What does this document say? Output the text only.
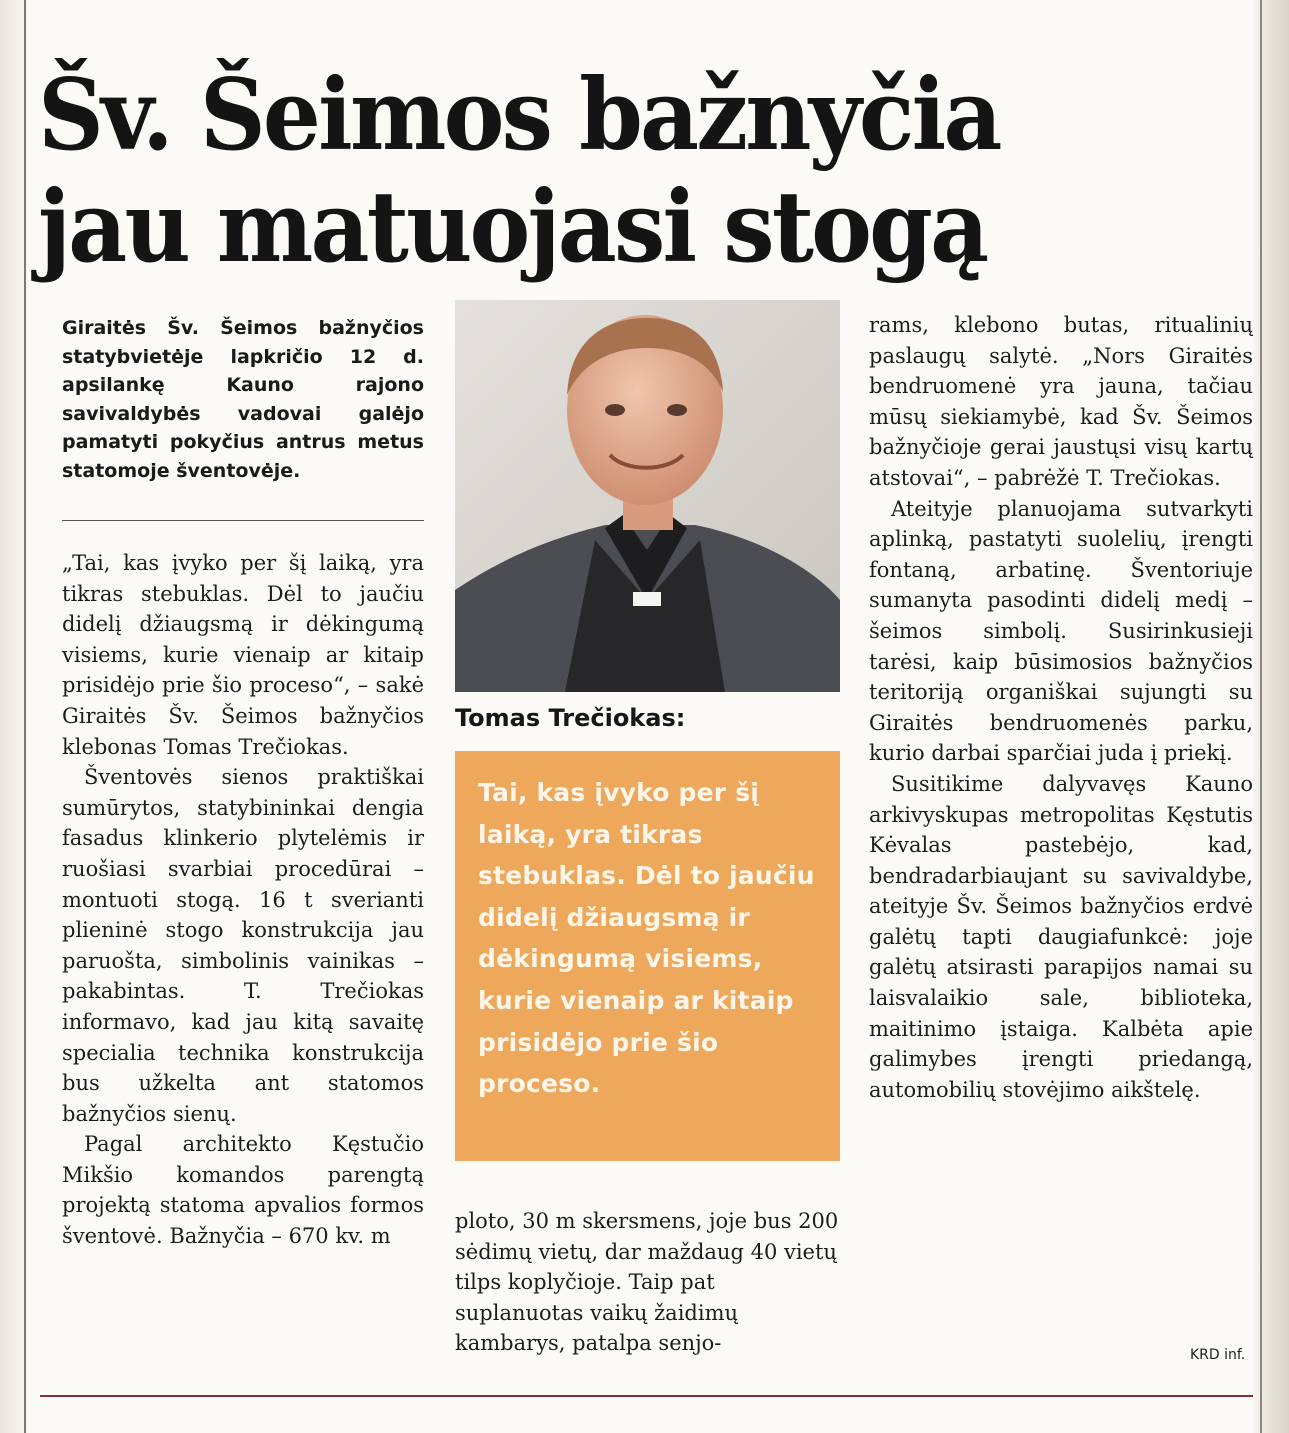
Šv. Šeimos bažnyčia
jau matuojasi stogą
Giraitės Šv. Šeimos bažnyčios statybvietėje lapkričio 12 d. apsilankę Kauno rajono savivaldybės vadovai galėjo pamatyti pokyčius antrus metus statomoje šventovėje.

„Tai, kas įvyko per šį laiką, yra tikras stebuklas. Dėl to jaučiu didelį džiaugsmą ir dėkingumą visiems, kurie vienaip ar kitaip prisidėjo prie šio proceso“, – sakė Giraitės Šv. Šeimos bažnyčios klebonas Tomas Trečiokas.

Šventovės sienos praktiškai sumūrytos, statybininkai dengia fasadus klinkerio plytelėmis ir ruošiasi svarbiai procedūrai – montuoti stogą. 16 t sverianti plieninė stogo konstrukcija jau paruošta, simbolinis vainikas – pakabintas. T. Trečiokas informavo, kad jau kitą savaitę specialia technika konstrukcija bus užkelta ant statomos bažnyčios sienų.

Pagal architekto Kęstučio Mikšio komandos parengtą projektą statoma apvalios formos šventovė. Bažnyčia – 670 kv. m

Tomas Trečiokas:
Tai, kas įvyko per šį laiką, yra tikras stebuklas. Dėl to jaučiu didelį džiaugsmą ir dėkingumą visiems, kurie vienaip ar kitaip prisidėjo prie šio proceso.

ploto, 30 m skersmens, joje bus 200 sėdimų vietų, dar maždaug 40 vietų tilps koplyčioje. Taip pat suplanuotas vaikų žaidimų kambarys, patalpa senjo-

rams, klebono butas, ritualinių paslaugų salytė. „Nors Giraitės bendruomenė yra jauna, tačiau mūsų siekiamybė, kad Šv. Šeimos bažnyčioje gerai jaustųsi visų kartų atstovai“, – pabrėžė T. Trečiokas.

Ateityje planuojama sutvarkyti aplinką, pastatyti suolelių, įrengti fontaną, arbatinę. Šventoriuje sumanyta pasodinti didelį medį – šeimos simbolį. Susirinkusieji tarėsi, kaip būsimosios bažnyčios teritoriją organiškai sujungti su Giraitės bendruomenės parku, kurio darbai sparčiai juda į priekį.

Susitikime dalyvavęs Kauno arkivyskupas metropolitas Kęstutis Kėvalas pastebėjo, kad, bendradarbiaujant su savivaldybe, ateityje Šv. Šeimos bažnyčios erdvė galėtų tapti daugiafunkcė: joje galėtų atsirasti parapijos namai su laisvalaikio sale, biblioteka, maitinimo įstaiga. Kalbėta apie galimybes įrengti priedangą, automobilių stovėjimo aikštelę.

KRD inf.
